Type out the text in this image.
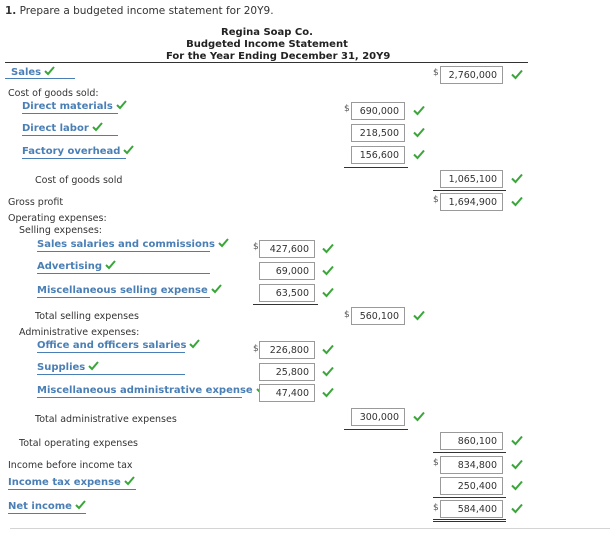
1. Prepare a budgeted income statement for 20Y9.
Regina Soap Co.
Budgeted Income Statement
For the Year Ending December 31, 20Y9
Sales	$	2,760,000
Cost of goods sold:
Direct materials	$	690,000
Direct labor	218,500
Factory overhead	156,600
Cost of goods sold	1,065,100
Gross profit	$	1,694,900
Operating expenses:
Selling expenses:
Sales salaries and commissions	$	427,600
Advertising	69,000
Miscellaneous selling expense	63,500
Total selling expenses	$	560,100
Administrative expenses:
Office and officers salaries	$	226,800
Supplies	25,800
Miscellaneous administrative expense	47,400
Total administrative expenses	300,000
Total operating expenses	860,100
Income before income tax	$	834,800
Income tax expense	250,400
Net income	$	584,400
